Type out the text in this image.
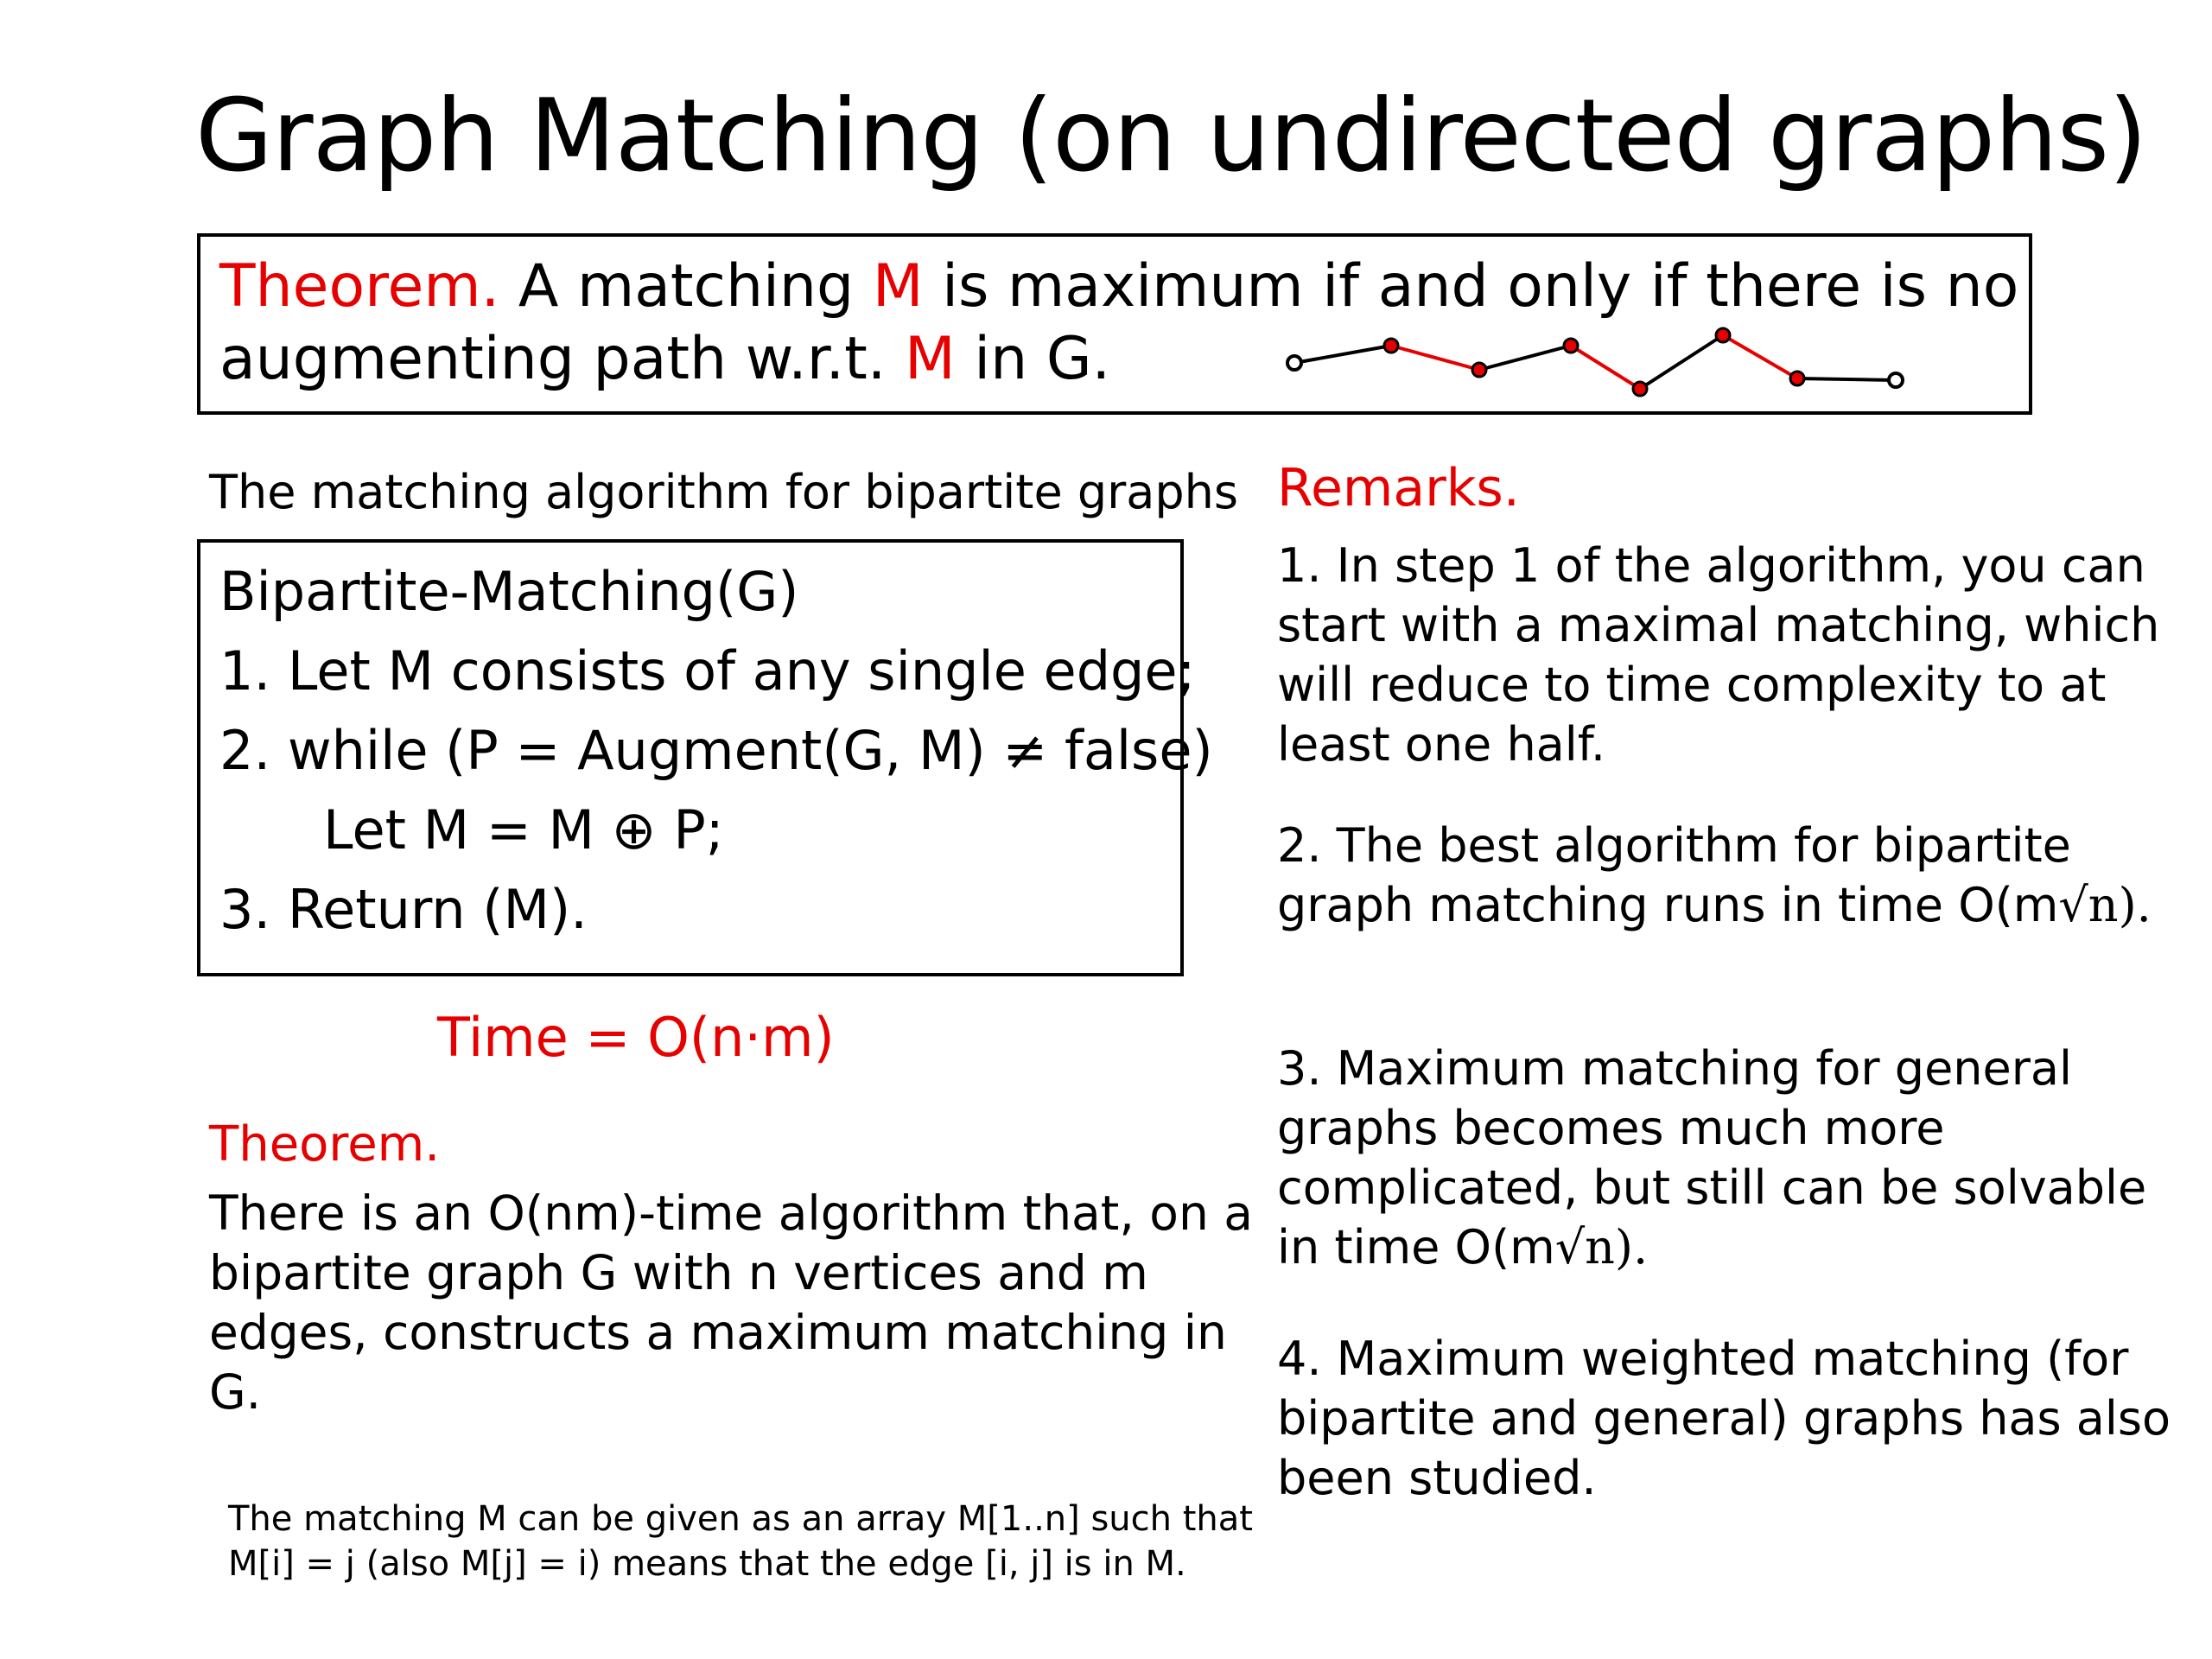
Graph Matching (on undirected graphs)
Theorem. A matching M is maximum if and only if there is no
augmenting path w.r.t. M in G.
The matching algorithm for bipartite graphs
Bipartite-Matching(G)
1. Let M consists of any single edge;
2. while (P = Augment(G, M) ≠ false)
Let M = M ⊕ P;
3. Return (M).
Time = O(n·m)
Theorem.
There is an O(nm)-time algorithm that, on a bipartite graph G with n vertices and m edges, constructs a maximum matching in G.
The matching M can be given as an array M[1..n] such that M[i] = j (also M[j] = i) means that the edge [i, j] is in M.
Remarks.
1. In step 1 of the algorithm, you can start with a maximal matching, which will reduce to time complexity to at least one half.
2. The best algorithm for bipartite graph matching runs in time O(m√n).
3. Maximum matching for general graphs becomes much more complicated, but still can be solvable in time O(m√n).
4. Maximum weighted matching (for bipartite and general) graphs has also been studied.
